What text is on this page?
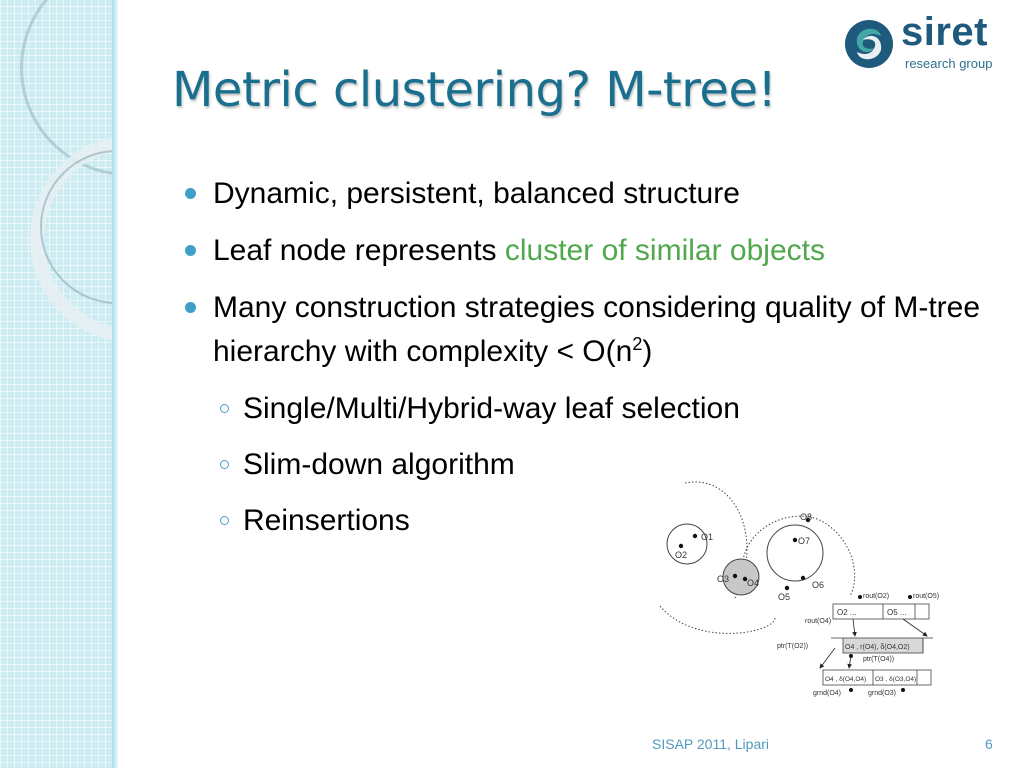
siret
research group
Metric clustering? M-tree!
Dynamic, persistent, balanced structure
Leaf node represents cluster of similar objects
Many construction strategies considering quality of M-tree hierarchy with complexity < $O(n^2)$
Single/Multi/Hybrid-way leaf selection
Slim-down algorithm
Reinsertions	O1
O2
O3 O4
O5
O6
O7
O8
rout(O2)	rout(O5)
O2 ...	O5 ...
rout(O4)
O4 , r(O4), δ(O4,O2)
ptr(T(O2))
ptr(T(O4))
O4 , δ(O4,O4) O3 , δ(O3,O4)
grnd(O4)	grnd(O3)
SISAP 2011, Lipari	6
